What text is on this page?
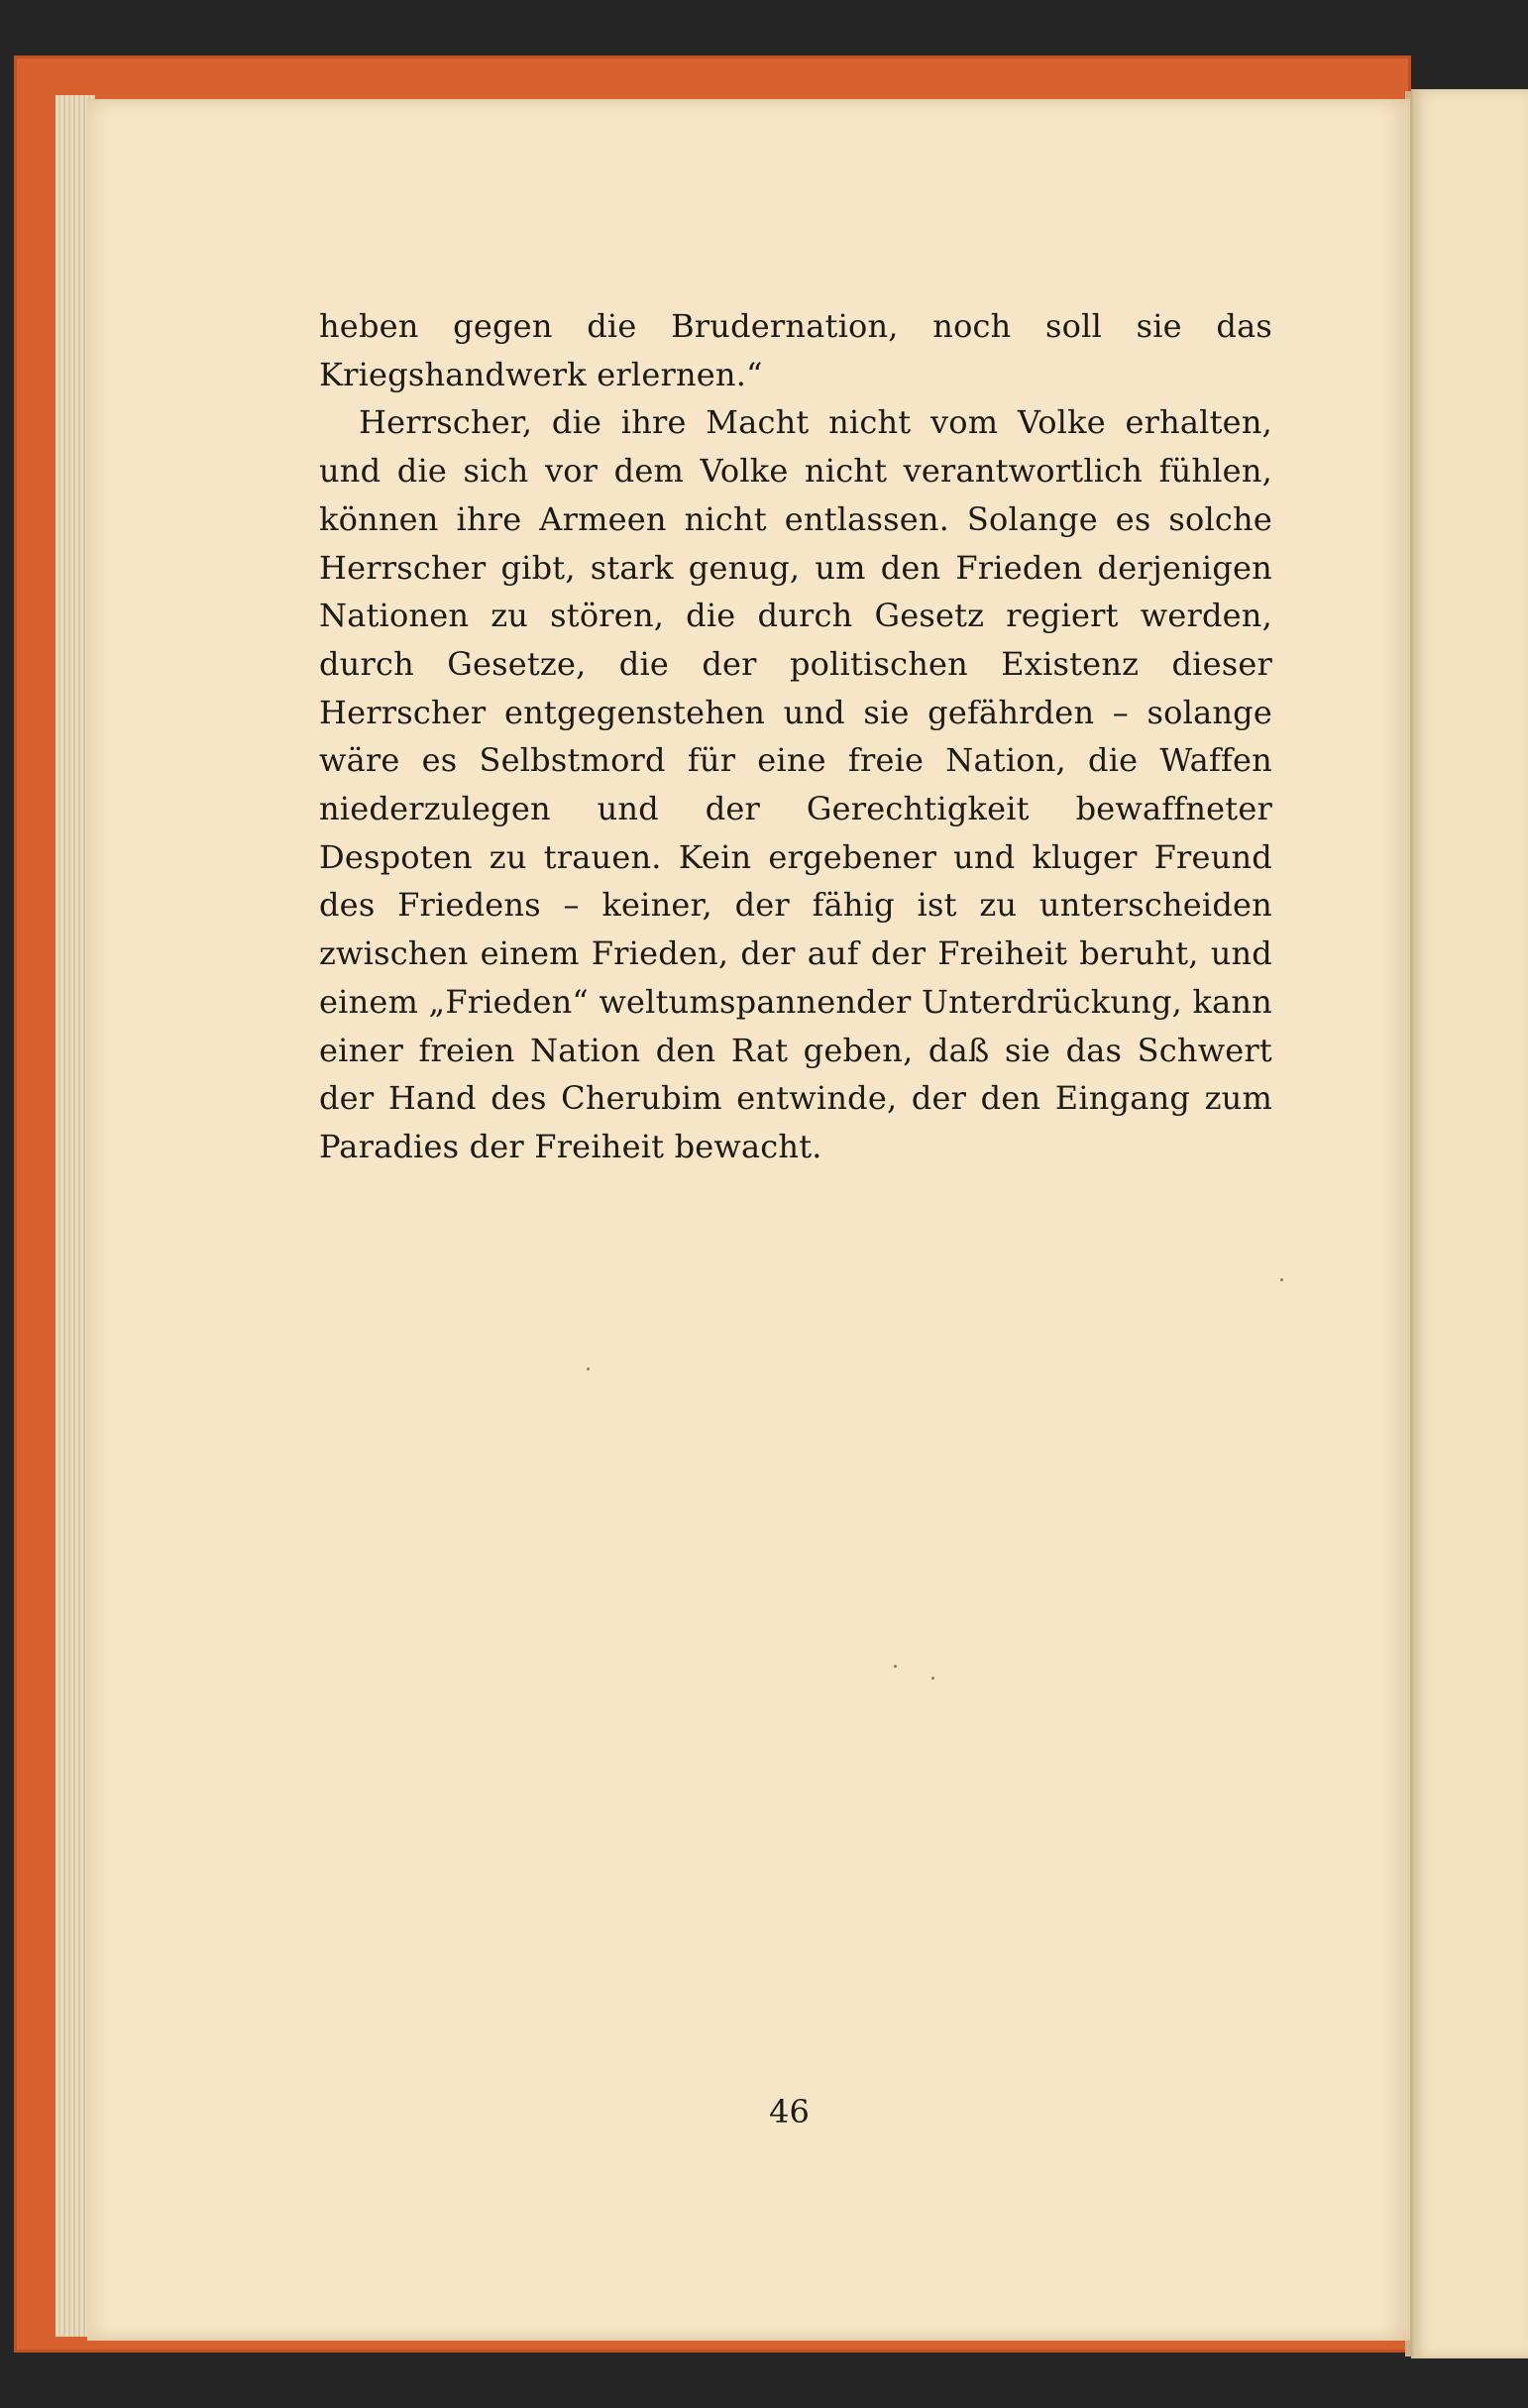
heben gegen die Brudernation, noch soll sie das Kriegshandwerk erlernen.“

Herrscher, die ihre Macht nicht vom Volke erhalten, und die sich vor dem Volke nicht verantwortlich fühlen, können ihre Armeen nicht entlassen. Solange es solche Herrscher gibt, stark genug, um den Frieden derjenigen Nationen zu stören, die durch Gesetz regiert werden, durch Gesetze, die der politischen Existenz dieser Herrscher entgegenstehen und sie gefährden – solange wäre es Selbstmord für eine freie Nation, die Waffen niederzulegen und der Gerechtigkeit bewaffneter Despoten zu trauen. Kein ergebener und kluger Freund des Friedens – keiner, der fähig ist zu unterscheiden zwischen einem Frieden, der auf der Freiheit beruht, und einem „Frieden“ weltumspannender Unterdrückung, kann einer freien Nation den Rat geben, daß sie das Schwert der Hand des Cherubim entwinde, der den Eingang zum Paradies der Freiheit bewacht.

46
